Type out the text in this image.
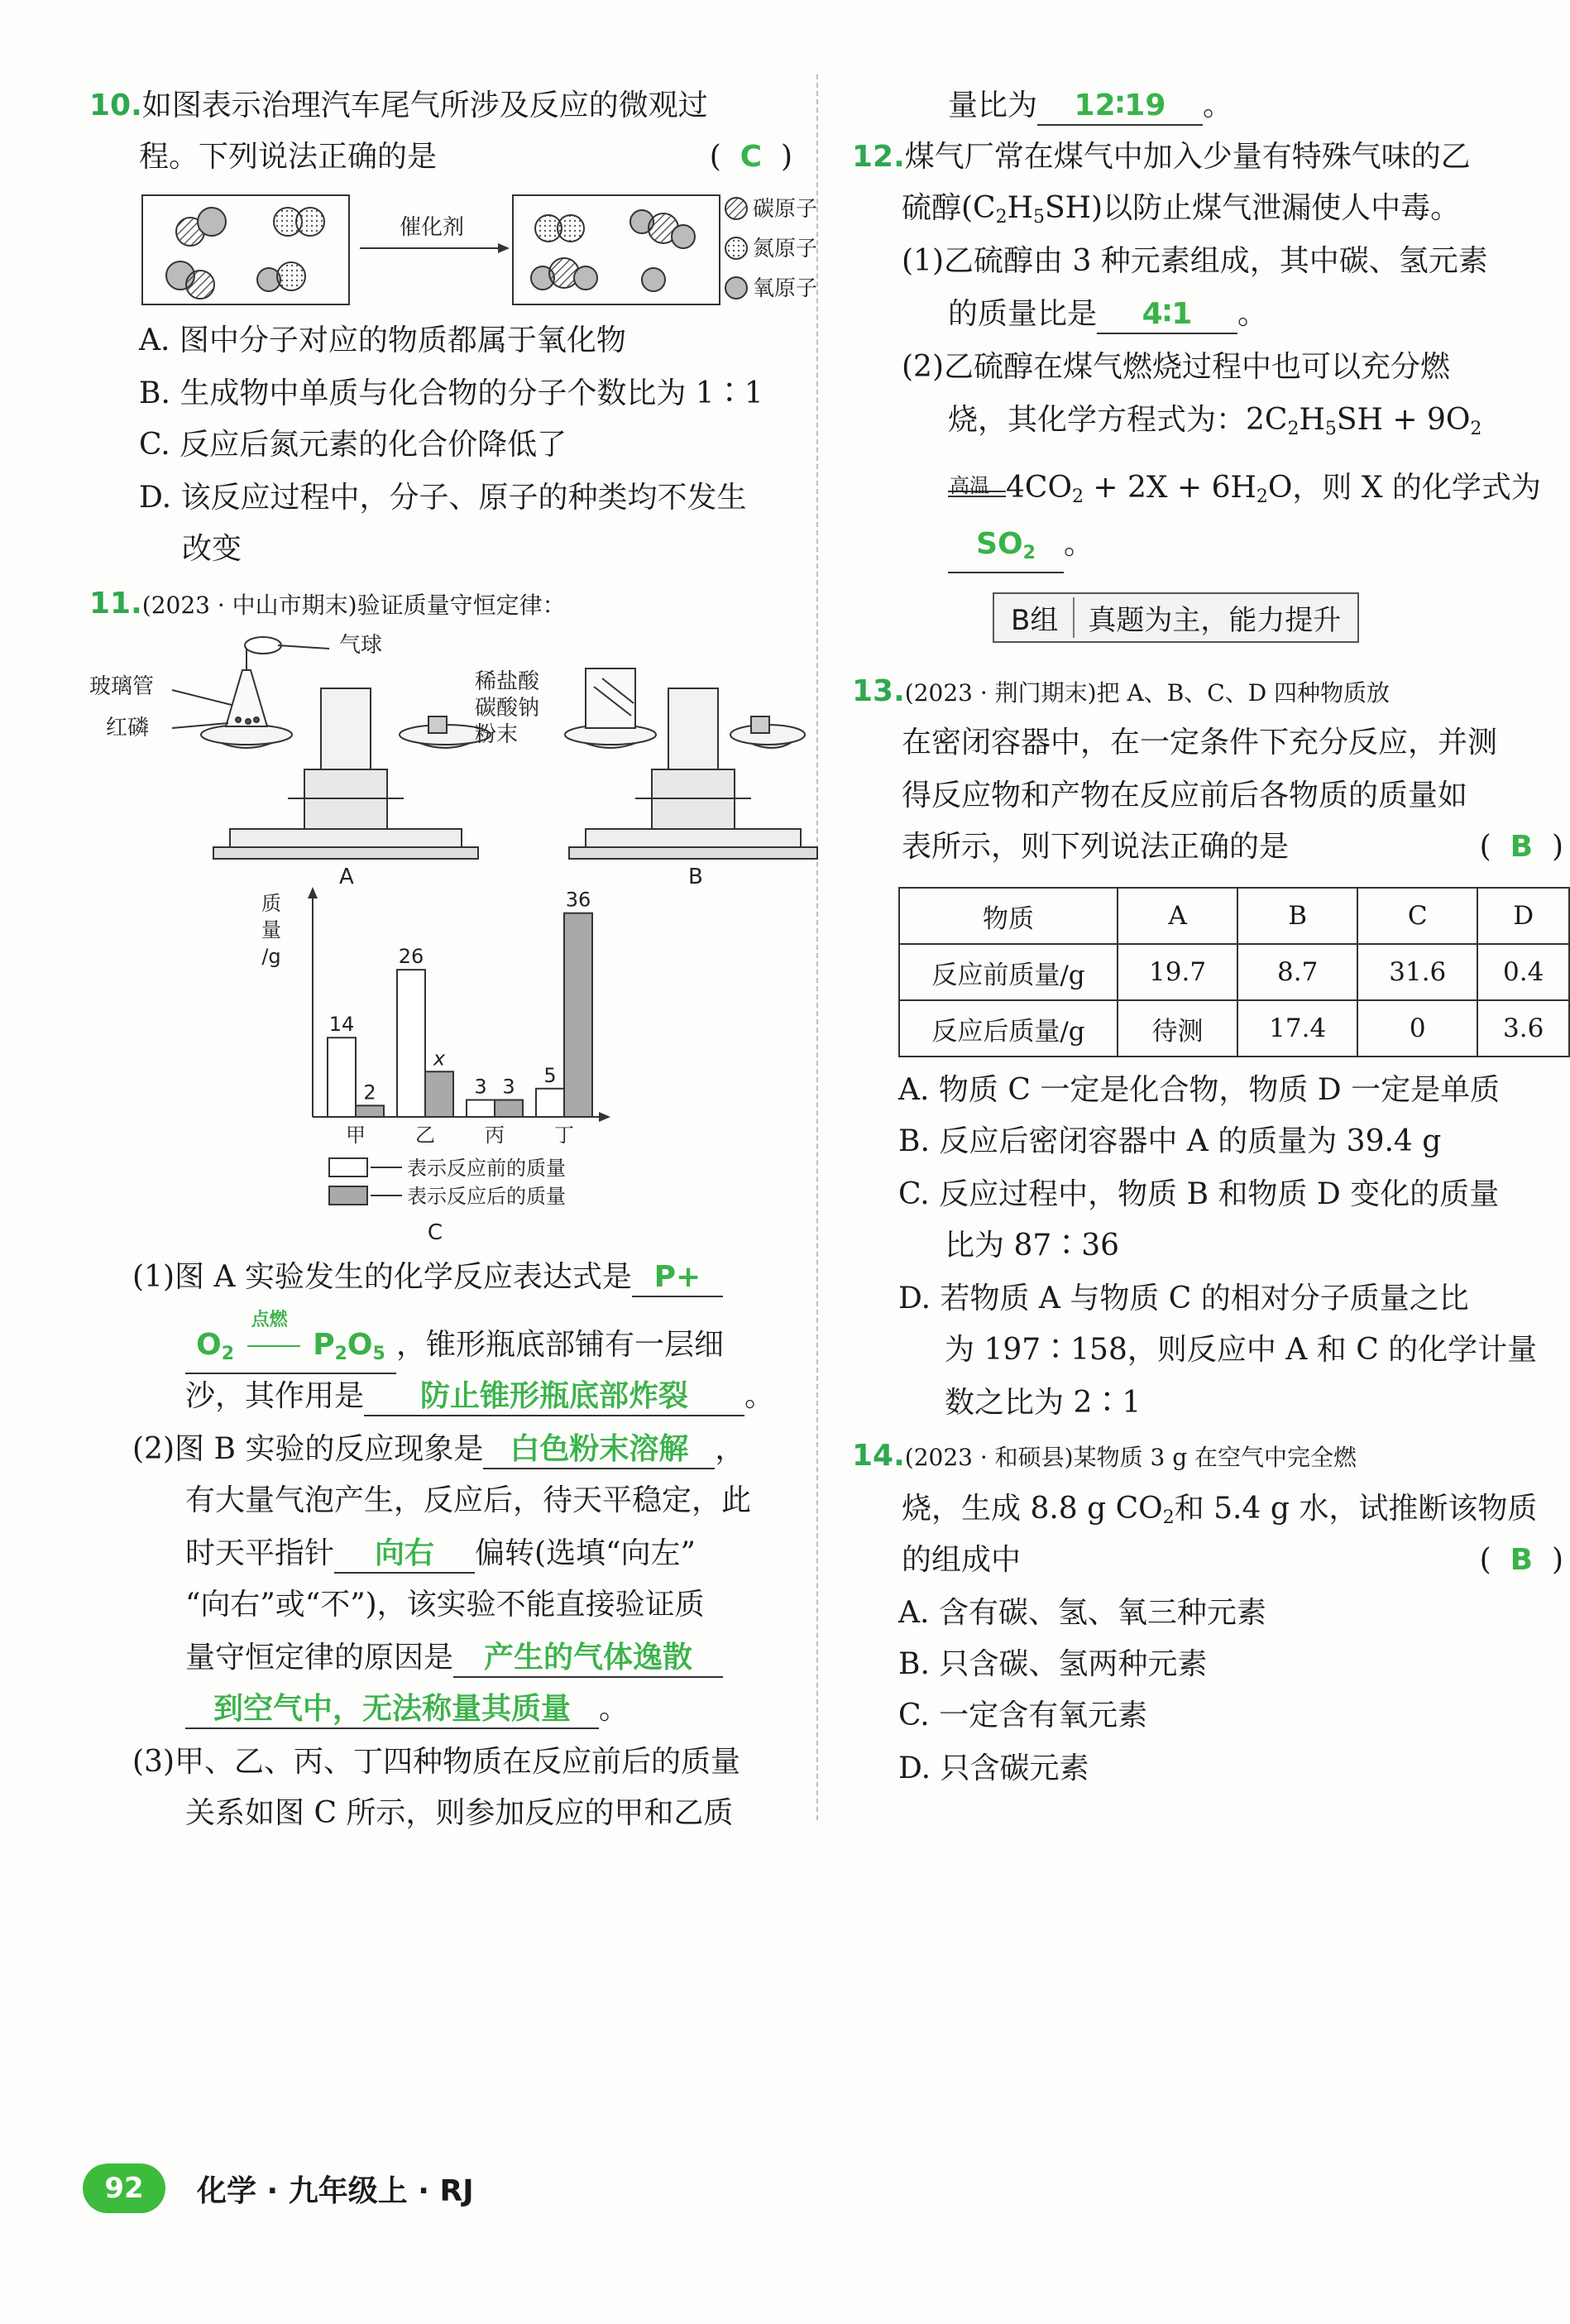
10.如图表示治理汽车尾气所涉及反应的微观过
程。下列说法正确的是	( C )
催化剂
碳原子
氮原子
氧原子
A. 图中分子对应的物质都属于氧化物
B. 生成物中单质与化合物的分子个数比为 1∶1
C. 反应后氮元素的化合价降低了
D. 该反应过程中，分子、原子的种类均不发生
改变
11.(2023 · 中山市期末)验证质量守恒定律：
气球
玻璃管
红磷
A
稀盐酸
碳酸钠
粉末
B
质
量
/g
14
2
甲
26
x
乙
3 3
丙
5
36
丁
表示反应前的质量
表示反应后的质量
C
(1)图 A 实验发生的化学反应表达式是 P+
$O_2$
点燃
$P_2O_5$ ，锥形瓶底部铺有一层细
沙，其作用是 防止锥形瓶底部炸裂 。
(2)图 B 实验的反应现象是 白色粉末溶解 ，
有大量气泡产生，反应后，待天平稳定，此
时天平指针 向右 偏转(选填“向左”
“向右”或“不”)，该实验不能直接验证质
量守恒定律的原因是 产生的气体逸散
到空气中，无法称量其质量 。
(3)甲、乙、丙、丁四种物质在反应前后的质量
关系如图 C 所示，则参加反应的甲和乙质
量比为 12∶19 。
12.煤气厂常在煤气中加入少量有特殊气味的乙
硫醇$(C_2H_5SH)$以防止煤气泄漏使人中毒。
(1)乙硫醇由 3 种元素组成，其中碳、氢元素
的质量比是 4∶1 。
(2)乙硫醇在煤气燃烧过程中也可以充分燃
烧，其化学方程式为：$2C_2H_5SH + 9O_2$
高温 $4CO_2 + 2X + 6H_2O$，则 X 的化学式为
$SO_2$ 。
B组 真题为主，能力提升
13.(2023 · 荆门期末)把 A、B、C、D 四种物质放
在密闭容器中，在一定条件下充分反应，并测
得反应物和产物在反应前后各物质的质量如
表所示，则下列说法正确的是	( B )
物质	A	B	C	D
反应前质量/g	19.7	8.7	31.6	0.4
反应后质量/g	待测	17.4	0	3.6
A. 物质 C 一定是化合物，物质 D 一定是单质
B. 反应后密闭容器中 A 的质量为 39.4 g
C. 反应过程中，物质 B 和物质 D 变化的质量
比为 87∶36
D. 若物质 A 与物质 C 的相对分子质量之比
为 197∶158，则反应中 A 和 C 的化学计量
数之比为 2∶1
14.(2023 · 和硕县)某物质 3 g 在空气中完全燃
烧，生成 8.8 g $CO_2$和 5.4 g 水，试推断该物质
的组成中	( B )
A. 含有碳、氢、氧三种元素
B. 只含碳、氢两种元素
C. 一定含有氧元素
D. 只含碳元素
92	化学 · 九年级上 · RJ
